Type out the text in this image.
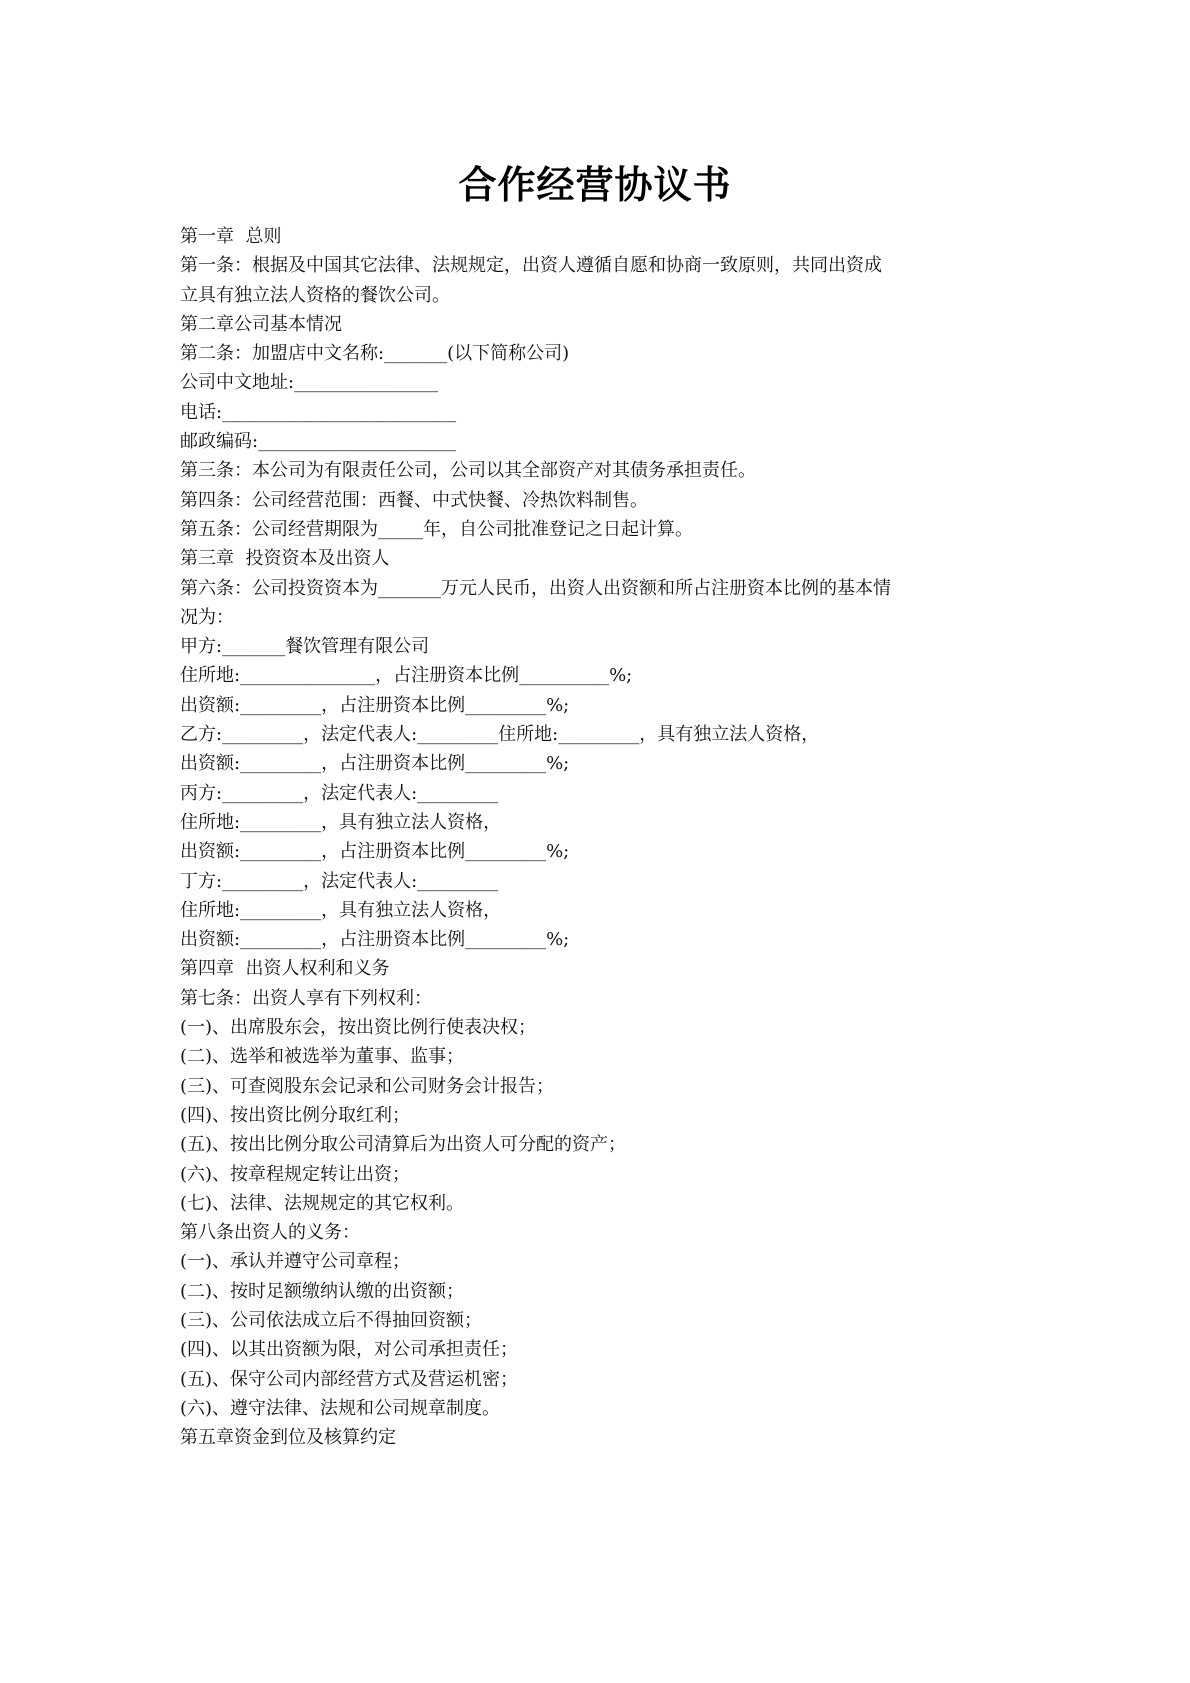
合作经营协议书
第一章  总则
第一条：根据及中国其它法律、法规规定，出资人遵循自愿和协商一致原则，共同出资成
立具有独立法人资格的餐饮公司。
第二章公司基本情况
第二条：加盟店中文名称:_______(以下简称公司)
公司中文地址:________________
电话:__________________________
邮政编码:______________________
第三条：本公司为有限责任公司，公司以其全部资产对其债务承担责任。
第四条：公司经营范围：西餐、中式快餐、冷热饮料制售。
第五条：公司经营期限为_____年，自公司批准登记之日起计算。
第三章  投资资本及出资人
第六条：公司投资资本为_______万元人民币，出资人出资额和所占注册资本比例的基本情
况为：
甲方:_______餐饮管理有限公司
住所地:_______________，占注册资本比例__________%;
出资额:_________，占注册资本比例_________%;
乙方:_________，法定代表人:_________住所地:_________，具有独立法人资格，
出资额:_________，占注册资本比例_________%;
丙方:_________，法定代表人:_________
住所地:_________，具有独立法人资格，
出资额:_________，占注册资本比例_________%;
丁方:_________，法定代表人:_________
住所地:_________，具有独立法人资格，
出资额:_________，占注册资本比例_________%;
第四章  出资人权利和义务
第七条：出资人享有下列权利：
(一)、出席股东会，按出资比例行使表决权；
(二)、选举和被选举为董事、监事；
(三)、可查阅股东会记录和公司财务会计报告；
(四)、按出资比例分取红利；
(五)、按出比例分取公司清算后为出资人可分配的资产；
(六)、按章程规定转让出资；
(七)、法律、法规规定的其它权利。
第八条出资人的义务：
(一)、承认并遵守公司章程；
(二)、按时足额缴纳认缴的出资额；
(三)、公司依法成立后不得抽回资额；
(四)、以其出资额为限，对公司承担责任；
(五)、保守公司内部经营方式及营运机密；
(六)、遵守法律、法规和公司规章制度。
第五章资金到位及核算约定
